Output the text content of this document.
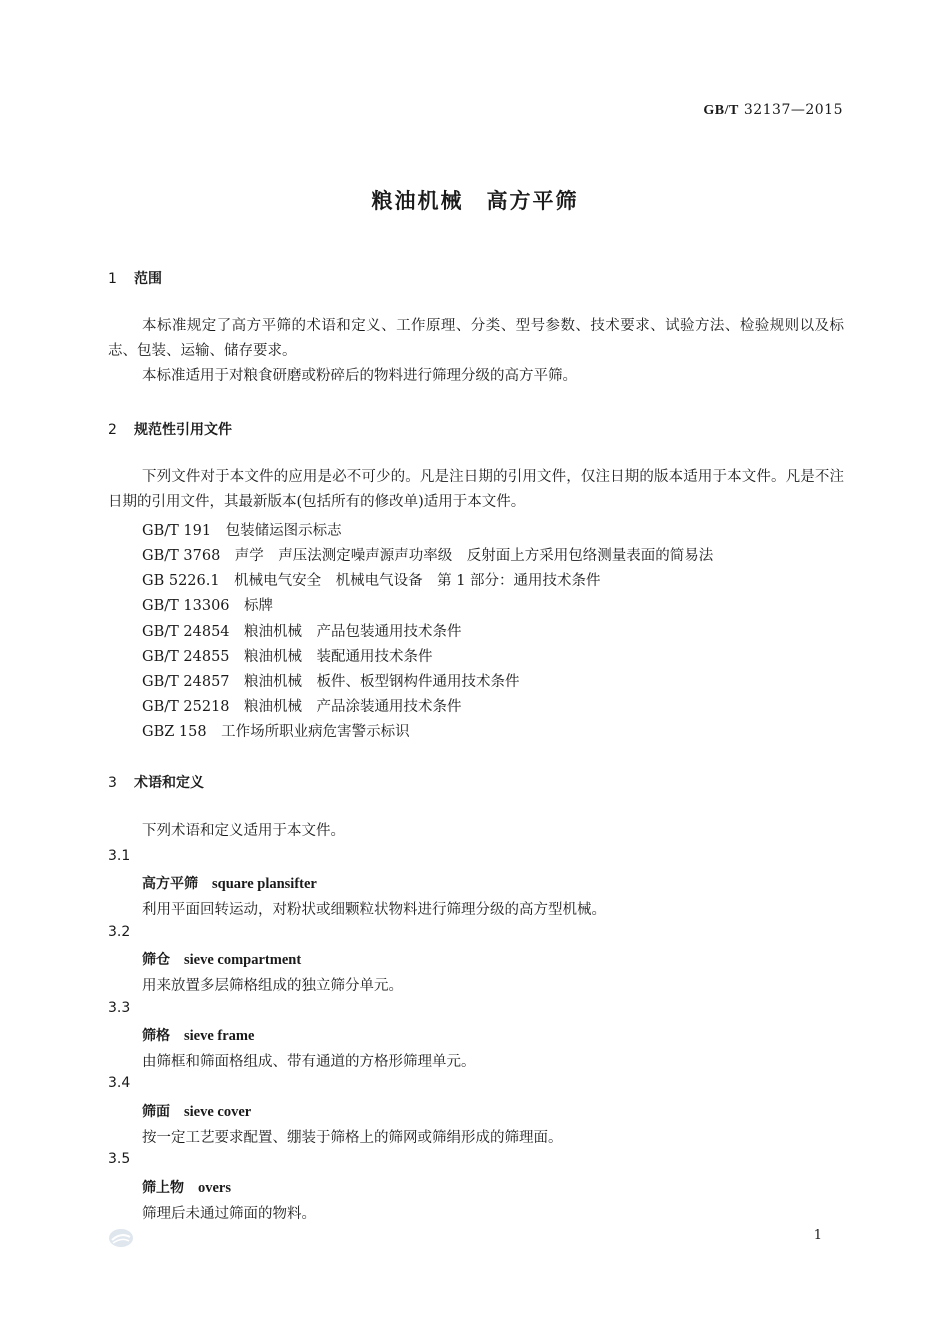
GB/T 32137—2015
粮油机械　高方平筛
1 范围
本标准规定了高方平筛的术语和定义、工作原理、分类、型号参数、技术要求、试验方法、检验规则以及标志、包装、运输、储存要求。
本标准适用于对粮食研磨或粉碎后的物料进行筛理分级的高方平筛。
2 规范性引用文件
下列文件对于本文件的应用是必不可少的。凡是注日期的引用文件，仅注日期的版本适用于本文件。凡是不注日期的引用文件，其最新版本(包括所有的修改单)适用于本文件。
GB/T 191　包装储运图示标志
GB/T 3768　声学　声压法测定噪声源声功率级　反射面上方采用包络测量表面的简易法
GB 5226.1　机械电气安全　机械电气设备　第 1 部分：通用技术条件
GB/T 13306　标牌
GB/T 24854　粮油机械　产品包装通用技术条件
GB/T 24855　粮油机械　装配通用技术条件
GB/T 24857　粮油机械　板件、板型钢构件通用技术条件
GB/T 25218　粮油机械　产品涂装通用技术条件
GBZ 158　工作场所职业病危害警示标识
3 术语和定义
下列术语和定义适用于本文件。
3.1
高方平筛 square plansifter
利用平面回转运动，对粉状或细颗粒状物料进行筛理分级的高方型机械。
3.2
筛仓 sieve compartment
用来放置多层筛格组成的独立筛分单元。
3.3
筛格 sieve frame
由筛框和筛面格组成、带有通道的方格形筛理单元。
3.4
筛面 sieve cover
按一定工艺要求配置、绷装于筛格上的筛网或筛绢形成的筛理面。
3.5
筛上物 overs
筛理后未通过筛面的物料。
1
